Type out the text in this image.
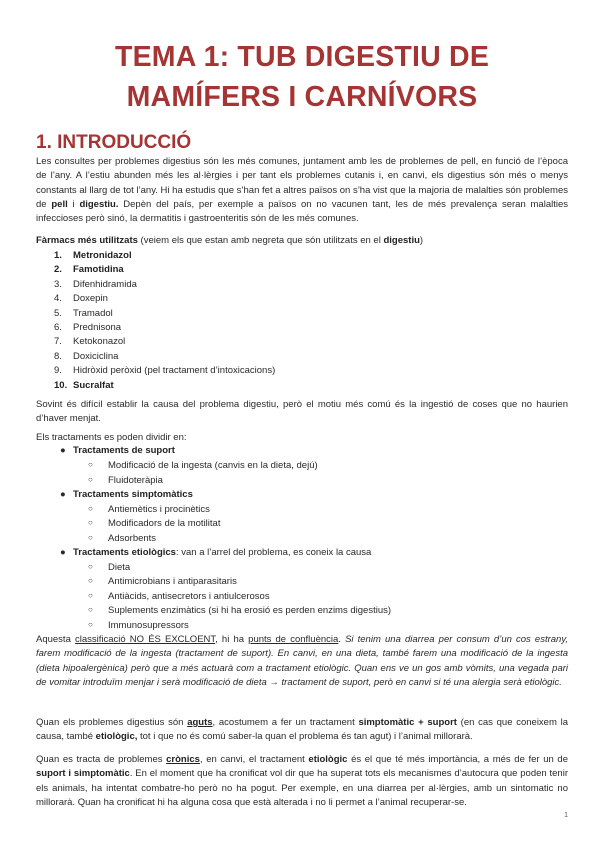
TEMA 1: TUB DIGESTIU DE
MAMÍFERS I CARNÍVORS
1. INTRODUCCIÓ
Les consultes per problemes digestius són les més comunes, juntament amb les de problemes de pell, en funció de l’època de l’any. A l’estiu abunden més les al·lèrgies i per tant els problemes cutanis i, en canvi, els digestius són més o menys constants al llarg de tot l’any. Hi ha estudis que s’han fet a altres països on s’ha vist que la majoria de malalties són problemes de pell i digestiu. Depèn del país, per exemple a països on no vacunen tant, les de més prevalença seran malalties infeccioses però sinó, la dermatitis i gastroenteritis són de les més comunes.
Fàrmacs més utilitzats (veiem els que estan amb negreta que són utilitzats en el digestiu)
1.	Metronidazol
2.	Famotidina
3.	Difenhidramida
4.	Doxepin
5.	Tramadol
6.	Prednisona
7.	Ketokonazol
8.	Doxiciclina
9.	Hidròxid peròxid (pel tractament d’intoxicacions)
10. Sucralfat
Sovint és difícil establir la causa del problema digestiu, però el motiu més comú és la ingestió de coses que no haurien d’haver menjat.
Els tractaments es poden dividir en:
● Tractaments de suport
○ Modificació de la ingesta (canvis en la dieta, dejú)
○ Fluidoteràpia
● Tractaments simptomàtics
○ Antiemètics i procinètics
○ Modificadors de la motilitat
○ Adsorbents
● Tractaments etiològics: van a l’arrel del problema, es coneix la causa
○ Dieta
○ Antimicrobians i antiparasitaris
○ Antiàcids, antisecretors i antiulcerosos
○ Suplements enzimàtics (si hi ha erosió es perden enzims digestius)
○ Immunosupressors
Aquesta classificació NO ÉS EXCLOENT, hi ha punts de confluència. Si tenim una diarrea per consum d’un cos estrany, farem modificació de la ingesta (tractament de suport). En canvi, en una dieta, també farem una modificació de la ingesta (dieta hipoalergènica) però que a més actuarà com a tractament etiològic. Quan ens ve un gos amb vòmits, una vegada pari de vomitar introduïm menjar i serà modificació de dieta → tractament de suport, però en canvi si té una alergia serà etiològic.
Quan els problemes digestius són aguts, acostumem a fer un tractament simptomàtic + suport (en cas que coneixem la causa, també etiològic, tot i que no és comú saber-la quan el problema és tan agut) i l’animal millorarà.
Quan es tracta de problemes crònics, en canvi, el tractament etiològic és el que té més importància, a més de fer un de suport i simptomàtic. En el moment que ha cronificat vol dir que ha superat tots els mecanismes d’autocura que poden tenir els animals, ha intentat combatre-ho però no ha pogut. Per exemple, en una diarrea per al·lèrgies, amb un sintomatic no millorarà. Quan ha cronificat hi ha alguna cosa que està alterada i no li permet a l’animal recuperar-se.
1
